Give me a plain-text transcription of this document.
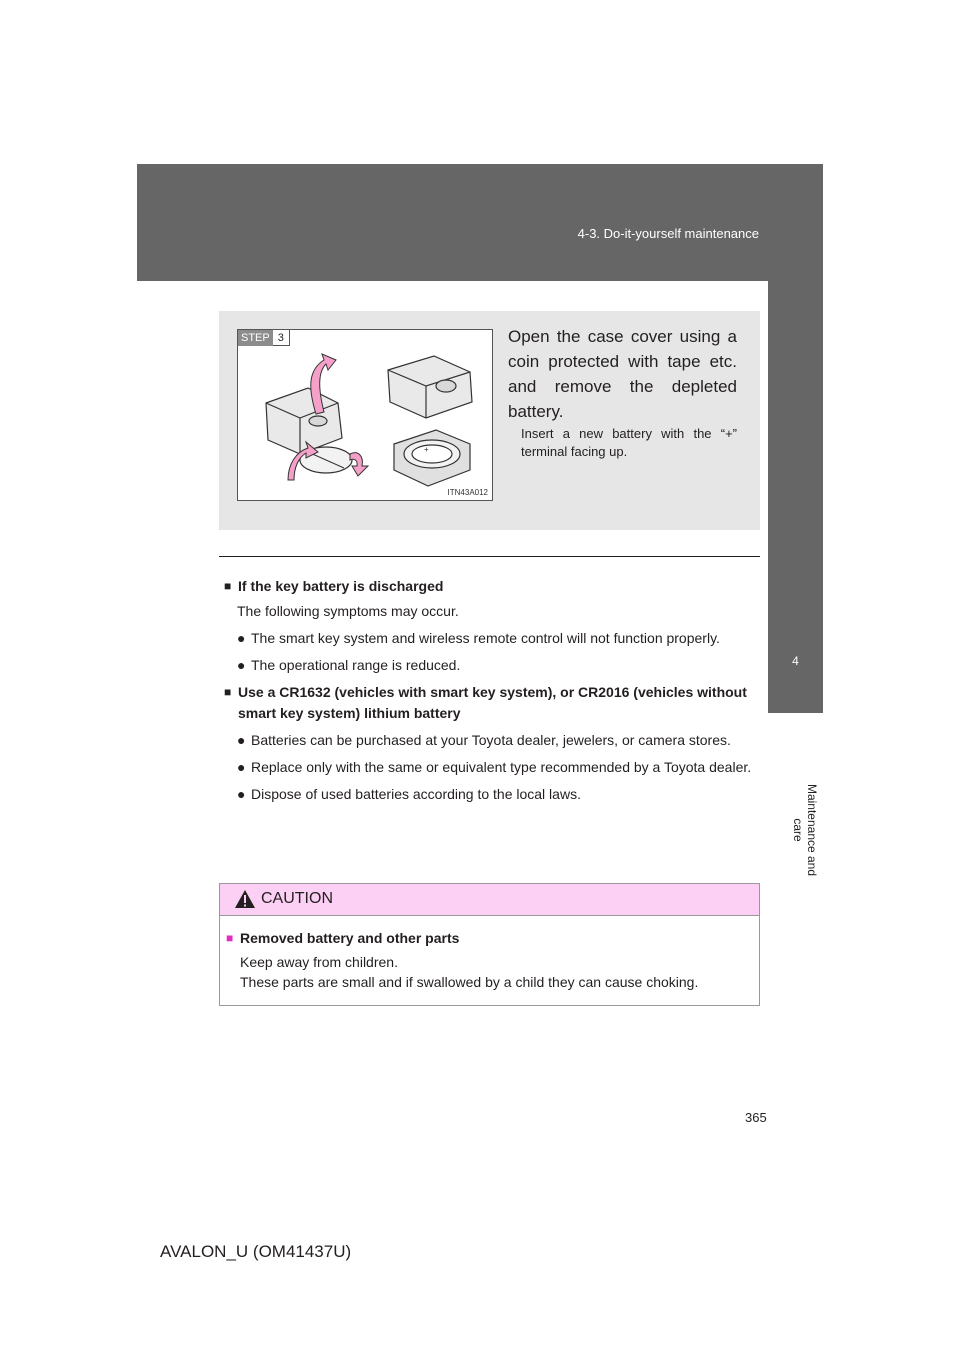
4-3. Do-it-yourself maintenance
4
Maintenance and care
STEP 3
+
ITN43A012
Open the case cover using a coin protected with tape etc. and remove the depleted battery.
Insert a new battery with the “+” terminal facing up.
■ If the key battery is discharged
The following symptoms may occur.
● The smart key system and wireless remote control will not function properly.
● The operational range is reduced.
■ Use a CR1632 (vehicles with smart key system), or CR2016 (vehicles without smart key system) lithium battery
● Batteries can be purchased at your Toyota dealer, jewelers, or camera stores.
● Replace only with the same or equivalent type recommended by a Toyota dealer.
● Dispose of used batteries according to the local laws.
CAUTION
■ Removed battery and other parts
Keep away from children.
These parts are small and if swallowed by a child they can cause choking.
365
AVALON_U (OM41437U)
